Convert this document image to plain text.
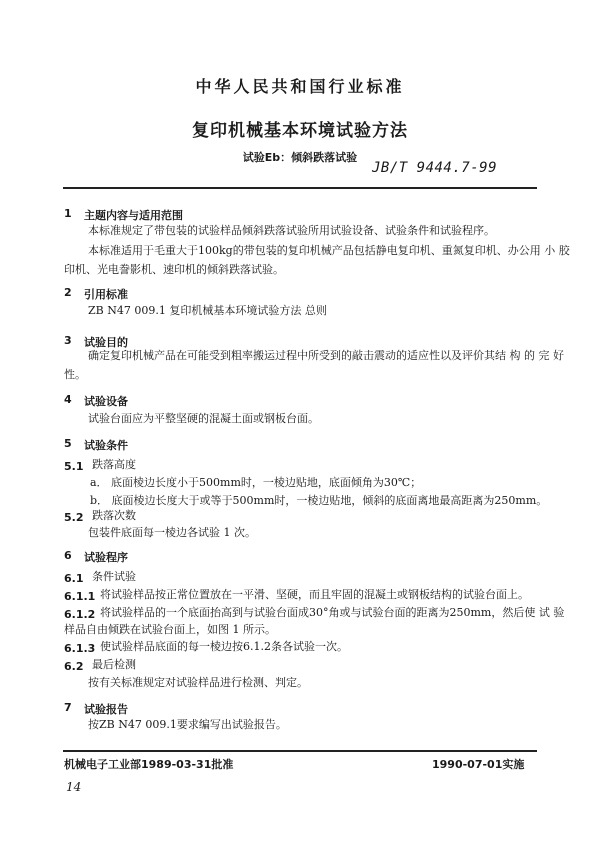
中华人民共和国行业标准
复印机械基本环境试验方法
试验Eb：倾斜跌落试验
JB/T 9444.7-99
1 主题内容与适用范围
本标准规定了带包装的试验样品倾斜跌落试验所用试验设备、试验条件和试验程序。
本标准适用于毛重大于100kg的带包装的复印机械产品包括静电复印机、重氮复印机、办公用 小 胶
印机、光电誊影机、速印机的倾斜跌落试验。
2 引用标准
ZB N47 009.1 复印机械基本环境试验方法 总则
3 试验目的
确定复印机械产品在可能受到粗率搬运过程中所受到的敲击震动的适应性以及评价其结 构 的 完 好
性。
4 试验设备
试验台面应为平整坚硬的混凝土面或钢板台面。
5 试验条件
5.1 跌落高度
a． 底面棱边长度小于500mm时，一棱边贴地，底面倾角为30℃；
b． 底面棱边长度大于或等于500mm时，一棱边贴地，倾斜的底面离地最高距离为250mm。
5.2 跌落次数
包装件底面每一棱边各试验 1 次。
6 试验程序
6.1 条件试验
6.1.1 将试验样品按正常位置放在一平滑、坚硬，而且牢固的混凝土或钢板结构的试验台面上。
6.1.2 将试验样品的一个底面抬高到与试验台面成30°角或与试验台面的距离为250mm，然后使 试 验
样品自由倾跌在试验台面上，如图 1 所示。
6.1.3 使试验样品底面的每一棱边按6.1.2条各试验一次。
6.2 最后检测
按有关标准规定对试验样品进行检测、判定。
7 试验报告
按ZB N47 009.1要求编写出试验报告。
机械电子工业部1989-03-31批准	1990-07-01实施
14
